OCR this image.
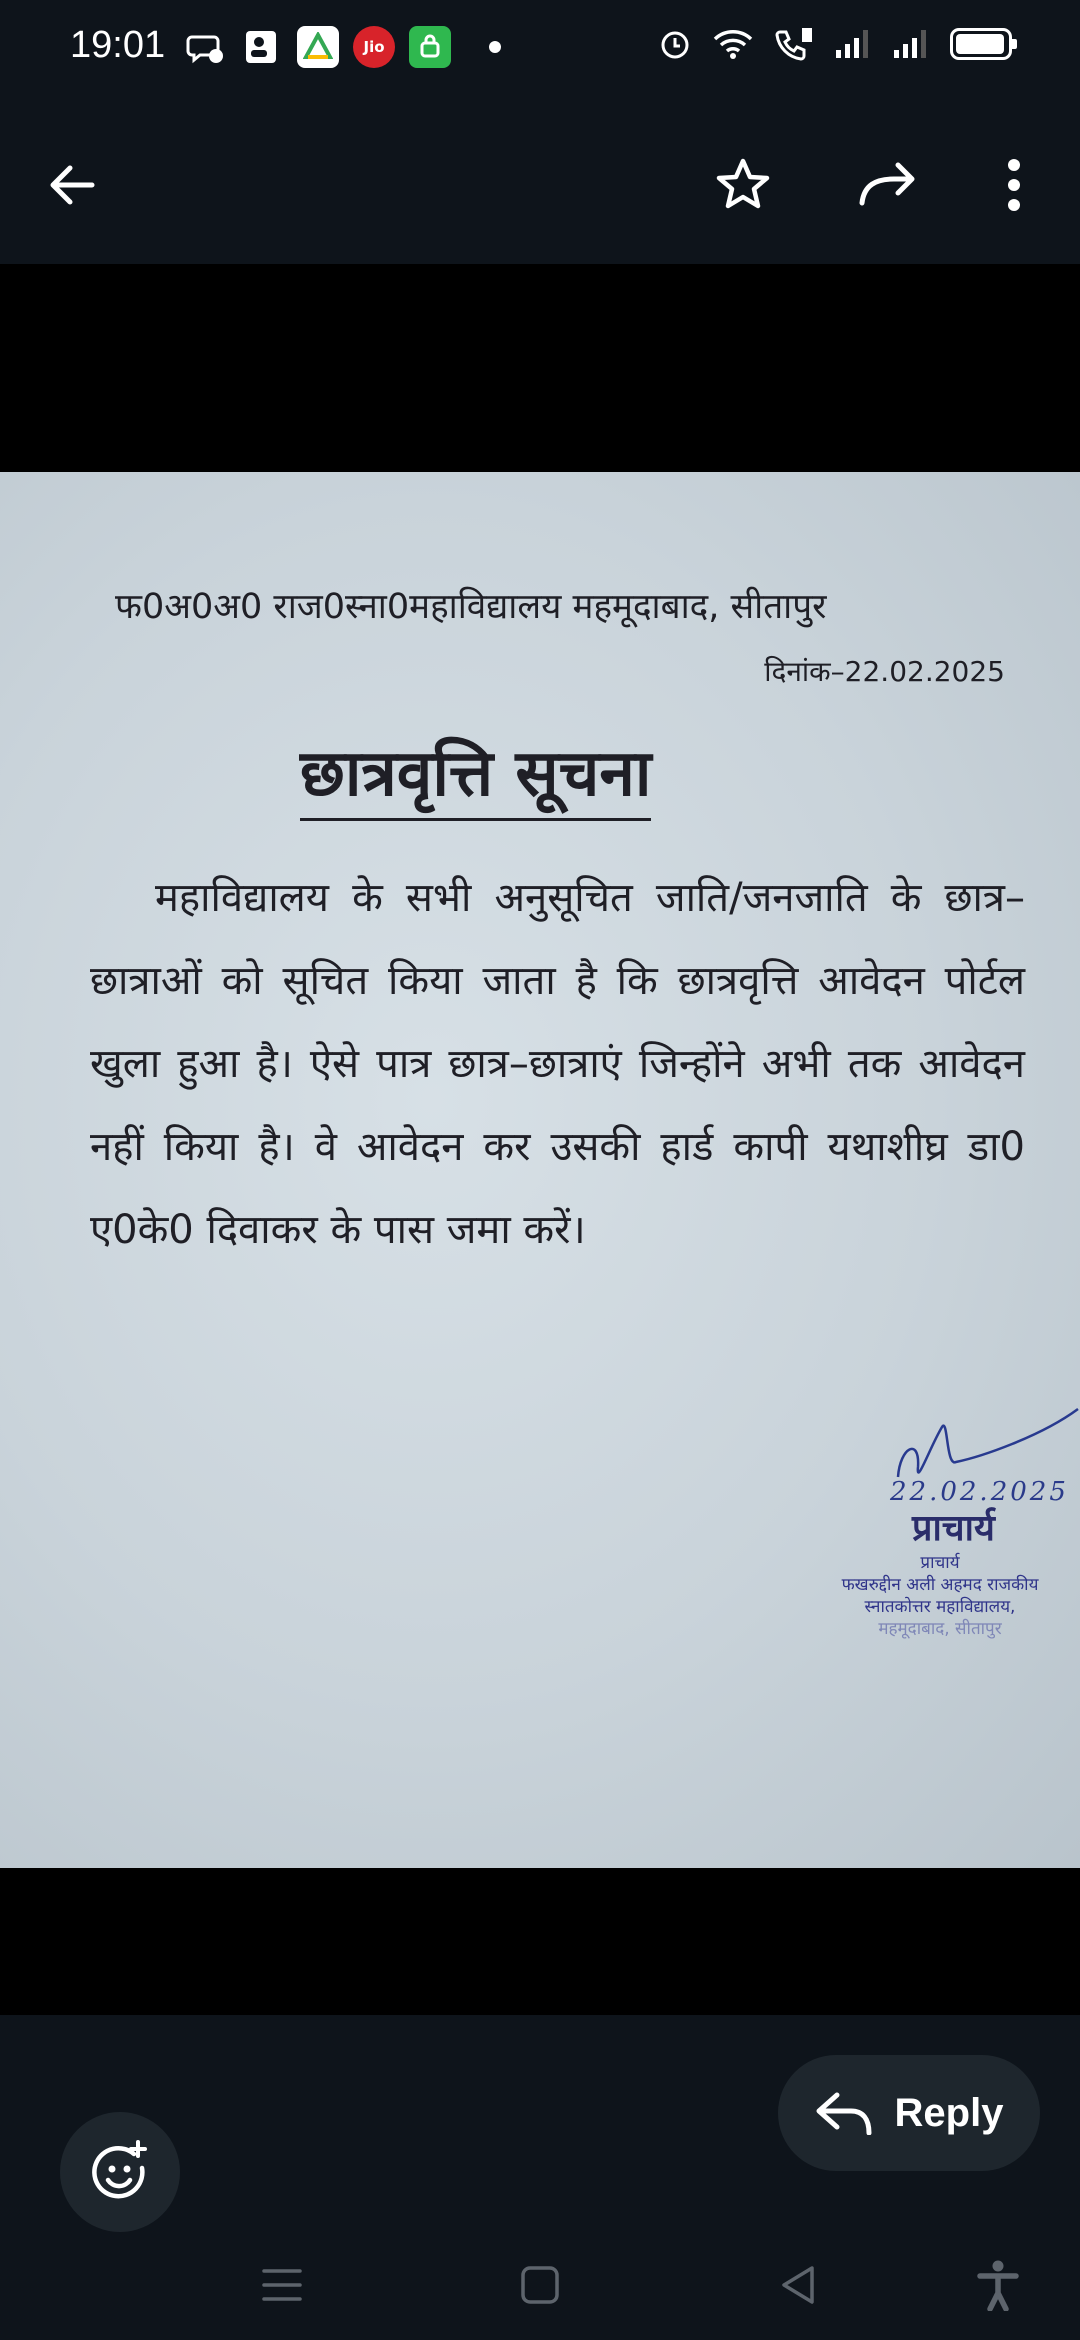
19:01	Jio
फ0अ0अ0 राज0स्ना0महाविद्यालय महमूदाबाद, सीतापुर
दिनांक–22.02.2025
छात्रवृत्ति सूचना
महाविद्यालय के सभी अनुसूचित जाति/जनजाति के छात्र–छात्राओं को सूचित किया जाता है कि छात्रवृत्ति आवेदन पोर्टल खुला हुआ है। ऐसे पात्र छात्र–छात्राएं जिन्होंने अभी तक आवेदन नहीं किया है। वे आवेदन कर उसकी हार्ड कापी यथाशीघ्र डा0 ए0के0 दिवाकर के पास जमा करें।
22.02.2025
प्राचार्य
प्राचार्य
फखरुद्दीन अली अहमद राजकीय
स्नातकोत्तर महाविद्यालय,
महमूदाबाद, सीतापुर
Reply
